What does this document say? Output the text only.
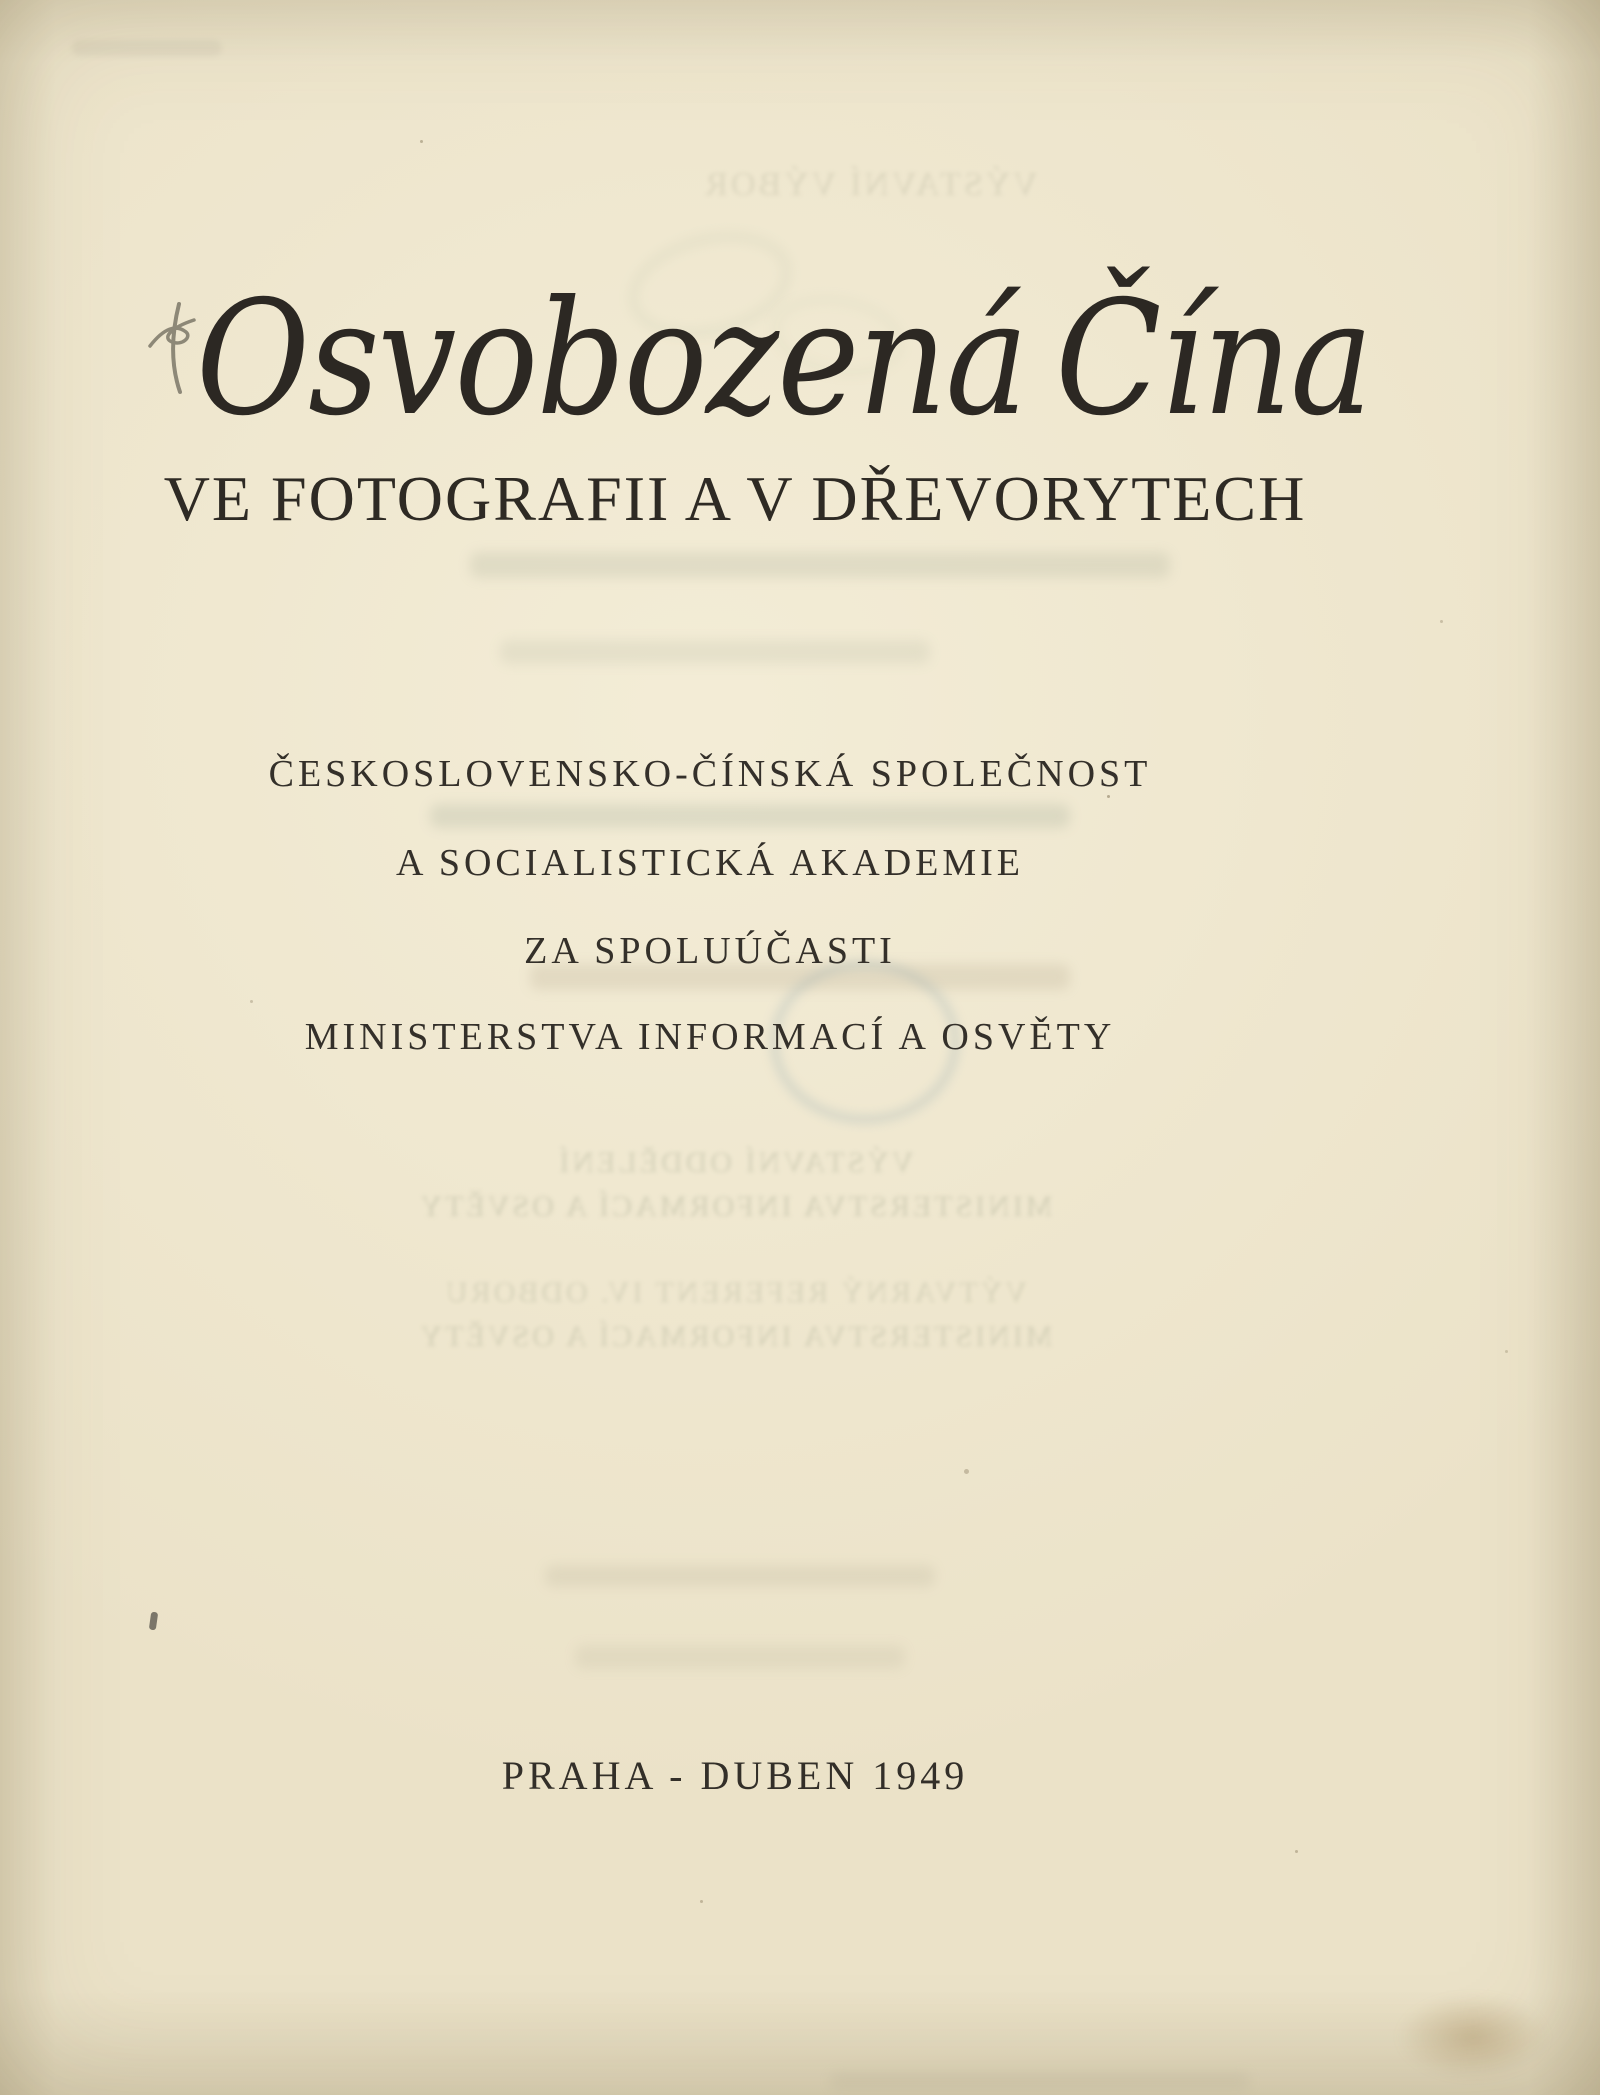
VÝSTAVNÍ VÝBOR
VÝSTAVNÍ ODDĚLENÍ
MINISTERSTVA INFORMACÍ A OSVĚTY
VÝTVARNÝ REFERENT IV. ODBORU
MINISTERSTVA INFORMACÍ A OSVĚTY
Osvobozená Čína
VE FOTOGRAFII A V DŘEVORYTECH
ČESKOSLOVENSKO-ČÍNSKÁ SPOLEČNOST
A SOCIALISTICKÁ AKADEMIE
ZA SPOLUÚČASTI
MINISTERSTVA INFORMACÍ A OSVĚTY
PRAHA - DUBEN 1949
